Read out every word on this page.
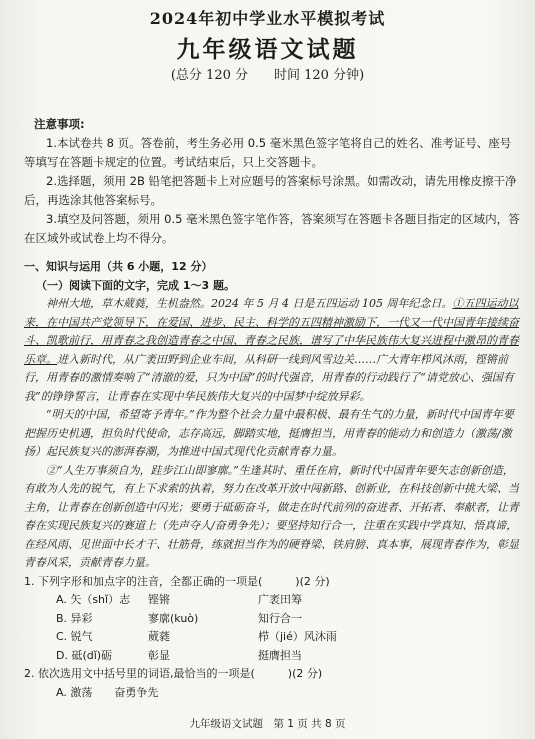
2024年初中学业水平模拟考试
九年级语文试题
(总分 120 分　　时间 120 分钟)
注意事项:

1.本试卷共 8 页。答卷前，考生务必用 0.5 毫米黑色签字笔将自己的姓名、准考证号、座号等填写在答题卡规定的位置。考试结束后，只上交答题卡。

2.选择题，须用 2B 铅笔把答题卡上对应题号的答案标号涂黑。如需改动，请先用橡皮擦干净后，再选涂其他答案标号。

3.填空及问答题，须用 0.5 毫米黑色签字笔作答，答案须写在答题卡各题目指定的区域内，答在区域外或试卷上均不得分。

一、知识与运用（共 6 小题，12 分）

（一）阅读下面的文字，完成 1～3 题。

神州大地，草木葳蕤，生机盎然。2024 年 5 月 4 日是五四运动 105 周年纪念日。①五四运动以来，在中国共产党领导下，在爱国、进步、民主、科学的五四精神激励下，一代又一代中国青年接续奋斗、凯歌前行，用青春之我创造青春之中国、青春之民族，谱写了中华民族伟大复兴进程中激昂的青春乐章。进入新时代，从广袤田野到企业车间，从科研一线到风雪边关……广大青年栉风沐雨，铿锵前行，用青春的激情奏响了“清澈的爱，只为中国”的时代强音，用青春的行动践行了“请党放心、强国有我”的铮铮誓言，让青春在实现中华民族伟大复兴的中国梦中绽放异彩。

“明天的中国，希望寄予青年。”作为整个社会力量中最积极、最有生气的力量，新时代中国青年要把握历史机遇，担负时代使命，志存高远，脚踏实地，挺膺担当，用青春的能动力和创造力（激荡/激扬）起民族复兴的澎湃春潮，为推进中国式现代化贡献青春力量。

②“人生万事须自为，跬步江山即寥廓。”生逢其时、重任在肩，新时代中国青年要矢志创新创造，有敢为人先的锐气，有上下求索的执着，努力在改革开放中闯新路、创新业，在科技创新中挑大梁、当主角，让青春在创新创造中闪光；要勇于砥砺奋斗，做走在时代前列的奋进者、开拓者、奉献者，让青春在实现民族复兴的赛道上（先声夺人/奋勇争先）；要坚持知行合一，注重在实践中学真知、悟真谛，在经风雨、见世面中长才干、壮筋骨，练就担当作为的硬脊梁、铁肩膀、真本事，展现青春作为，彰显青春风采，贡献青春力量。

1. 下列字形和加点字的注音，全都正确的一项是(　　　)(2 分)

A. 矢（shǐ）志	铿锵	广袤田筹
B. 异彩	寥廓(kuò)	知行合一
C. 锐气	葳蕤	栉（jié）风沐雨
D. 砥(dǐ)砺	彰显	挺膺担当

2. 依次选用文中括号里的词语,最恰当的一项是(　　　)(2 分)

A. 激荡　　奋勇争先
九年级语文试题　第 1 页 共 8 页
